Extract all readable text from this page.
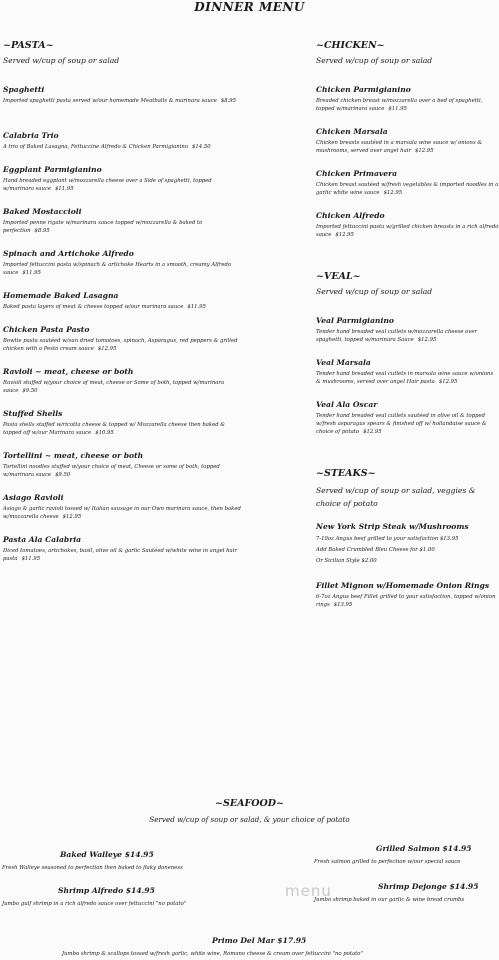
DINNER MENU

~PASTA~

Served w/cup of soup or salad

Spaghetti

Imported spaghetti pasta served w/our homemade Meatballs & marinara sauce $8.95

Calabria Trio

A trio of Baked Lasagna, Fettuccine Alfredo & Chicken Parmigianino $14.50

Eggplant Parmigianino

Hand breaded eggplant w/mozzarella cheese over a Side of spaghetti, topped w/marinara sauce $11.95

Baked Mostaccioli

Imported penne rigate w/marinara sauce topped w/mozzarella & baked to perfection $8.95

Spinach and Artichoke Alfredo

Imported fettuccini pasta w/spinach & artichoke Hearts in a smooth, creamy Alfredo sauce $11.95

Homemade Baked Lasagna

Baked pasta layers of meat & cheese topped w/our marinara sauce $11.95

Chicken Pasta Pasto

Bowtie pasta sautéed w/sun dried tomatoes, spinach, Asparagus, red peppers & grilled chicken with a Pesto cream sauce $12.95

Ravioli ~ meat, cheese or both

Ravioli stuffed w/your choice of meat, cheese or Some of both, topped w/marinara sauce $9.50

Stuffed Shells

Pasta shells stuffed w/ricotta cheese & topped w/ Mozzarella cheese then baked & topped off w/our Marinara sauce $10.95

Tortellini ~ meat, cheese or both

Tortellini noodles stuffed w/your choice of meat, Cheese or some of both, topped w/marinara sauce $9.50

Asiago Ravioli

Asiago & garlic ravioli tossed w/ Italian sausage in our Own marinara sauce, then baked w/mozzarella cheese $12.95

Pasta Ala Calabria

Diced tomatoes, artichokes, basil, olive oil & garlic Sautéed w/white wine in angel hair pasta $11.95

~CHICKEN~

Served w/cup of soup or salad

Chicken Parmigianino

Breaded chicken breast w/mozzarella over a bed of spaghetti, topped w/marinara sauce $11.95

Chicken Marsala

Chicken breasts sautéed in a marsala wine sauce w/ onions & mushrooms, served over angel hair $12.95

Chicken Primavera

Chicken breast sautéed w/fresh vegetables & imported noodles in a garlic white wine sauce $12.95

Chicken Alfredo

Imported fettuccini pasta w/grilled chicken breasts in a rich alfredo sauce $12.95

~VEAL~

Served w/cup of soup or salad

Veal Parmigianino

Tender hand breaded veal cutlets w/mozzarella cheese over spaghetti, topped w/marinara Sauce $12.95

Veal Marsala

Tender hand breaded veal cutlets in marsala wine sauce w/onions & mushrooms, served over angel Hair pasta $12.95

Veal Ala Oscar

Tender hand breaded veal cutlets sautéed in olive oil & topped w/fresh asparagus spears & finished off w/ hollandaise sauce & choice of potato $12.95

~STEAKS~

Served w/cup of soup or salad, veggies & choice of potato

New York Strip Steak w/Mushrooms

7-10oz Angus beef grilled to your satisfaction $13.95

Add Baked Crumbled Bleu Cheese for $1.00

Or Sicilian Style $2.00

Fillet Mignon w/Homemade Onion Rings

6-7oz Angus beef Fillet grilled to your satisfaction, topped w/onion rings $13.95

~SEAFOOD~
Served w/cup of soup or salad, & your choice of potato
Baked Walleye $14.95
Fresh Walleye seasoned to perfection then baked to flaky doneness
Grilled Salmon $14.95
Fresh salmon grilled to perfection w/our special sauce
Shrimp Alfredo $14.95
Jumbo gulf shrimp in a rich alfredo sauce over fettuccini "no potato"
Shrimp Dejonge $14.95
Jumbo shrimp baked in our garlic & wine bread crumbs
Primo Del Mar $17.95
Jumbo shrimp & scallops tossed w/fresh garlic, white wine, Romano cheese & cream over fettuccini "no potato"
menu
